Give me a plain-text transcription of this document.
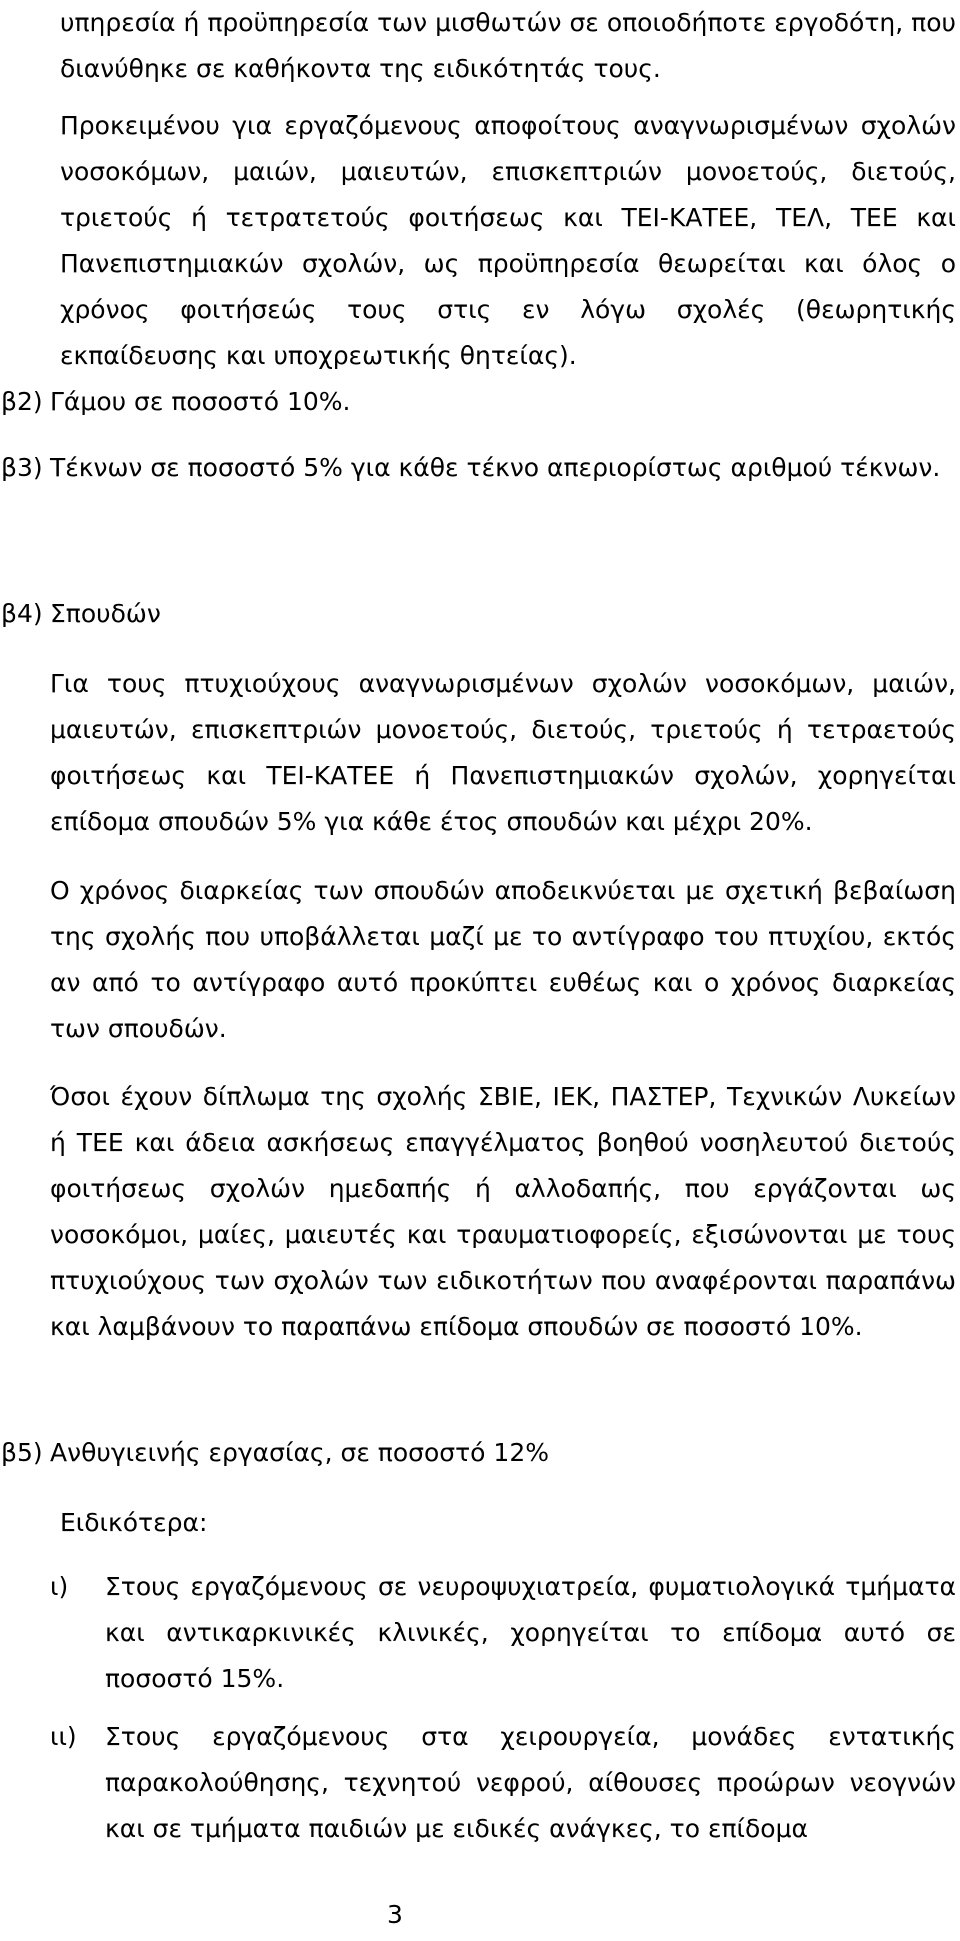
υπηρεσία ή προϋπηρεσία των μισθωτών σε οποιοδήποτε εργοδότη, που διανύθηκε σε καθήκοντα της ειδικότητάς τους.

Προκειμένου για εργαζόμενους αποφοίτους αναγνωρισμένων σχολών νοσοκόμων, μαιών, μαιευτών, επισκεπτριών μονοετούς, διετούς, τριετούς ή τετρατετούς φοιτήσεως και ΤΕΙ-ΚΑΤΕΕ, ΤΕΛ, ΤΕΕ και Πανεπιστημιακών σχολών, ως προϋπηρεσία θεωρείται και όλος ο χρόνος φοιτήσεώς τους στις εν λόγω σχολές (θεωρητικής εκπαίδευσης και υποχρεωτικής θητείας).

β2) Γάμου σε ποσοστό 10%.

β3) Τέκνων σε ποσοστό 5% για κάθε τέκνο απεριορίστως αριθμού τέκνων.

β4) Σπουδών

Για τους πτυχιούχους αναγνωρισμένων σχολών νοσοκόμων, μαιών, μαιευτών, επισκεπτριών μονοετούς, διετούς, τριετούς ή τετραετούς φοιτήσεως και ΤΕΙ-ΚΑΤΕΕ ή Πανεπιστημιακών σχολών, χορηγείται επίδομα σπουδών 5% για κάθε έτος σπουδών και μέχρι 20%.

Ο χρόνος διαρκείας των σπουδών αποδεικνύεται με σχετική βεβαίωση της σχολής που υποβάλλεται μαζί με το αντίγραφο του πτυχίου, εκτός αν από το αντίγραφο αυτό προκύπτει ευθέως και ο χρόνος διαρκείας των σπουδών.

Όσοι έχουν δίπλωμα της σχολής ΣΒΙΕ, ΙΕΚ, ΠΑΣΤΕΡ, Τεχνικών Λυκείων ή ΤΕΕ και άδεια ασκήσεως επαγγέλματος βοηθού νοσηλευτού διετούς φοιτήσεως σχολών ημεδαπής ή αλλοδαπής, που εργάζονται ως νοσοκόμοι, μαίες, μαιευτές και τραυματιοφορείς, εξισώνονται με τους πτυχιούχους των σχολών των ειδικοτήτων που αναφέρονται παραπάνω και λαμβάνουν το παραπάνω επίδομα σπουδών σε ποσοστό 10%.

β5) Ανθυγιεινής εργασίας, σε ποσοστό 12%

Ειδικότερα:

ι) Στους εργαζόμενους σε νευροψυχιατρεία, φυματιολογικά τμήματα και αντικαρκινικές κλινικές, χορηγείται το επίδομα αυτό σε ποσοστό 15%.

ιι) Στους εργαζόμενους στα χειρουργεία, μονάδες εντατικής παρακολούθησης, τεχνητού νεφρού, αίθουσες προώρων νεογνών και σε τμήματα παιδιών με ειδικές ανάγκες, το επίδομα

3
